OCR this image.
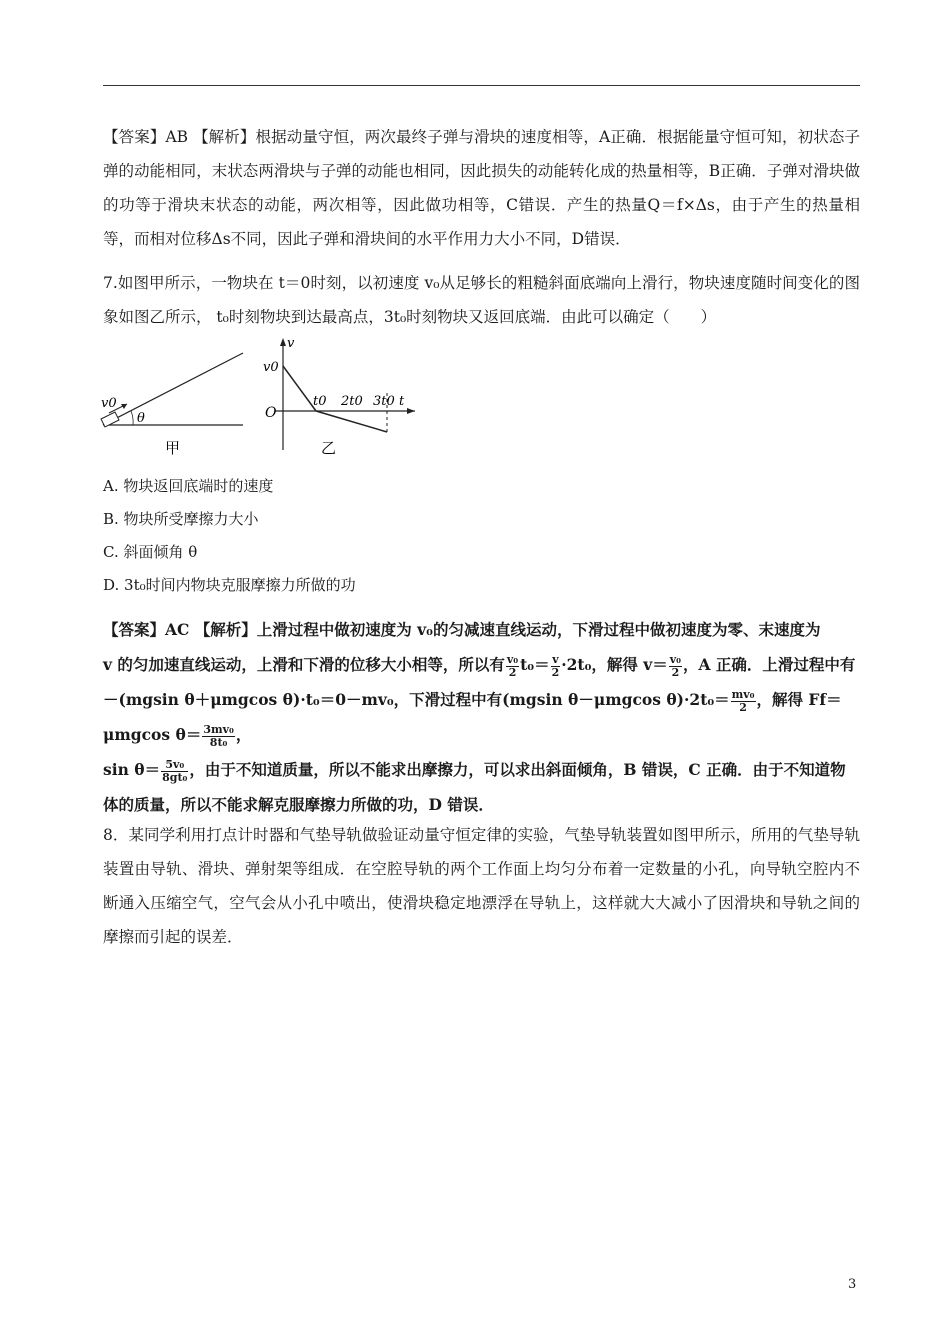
【答案】AB 【解析】根据动量守恒，两次最终子弹与滑块的速度相等，A正确．根据能量守恒可知，初状态子弹的动能相同，末状态两滑块与子弹的动能也相同，因此损失的动能转化成的热量相等，B正确．子弹对滑块做的功等于滑块末状态的动能，两次相等，因此做功相等，C错误．产生的热量Q＝f×Δs，由于产生的热量相等，而相对位移Δs不同，因此子弹和滑块间的水平作用力大小不同，D错误．
7.如图甲所示，一物块在 t＝0时刻，以初速度 v₀从足够长的粗糙斜面底端向上滑行，物块速度随时间变化的图象如图乙所示， t₀时刻物块到达最高点，3t₀时刻物块又返回底端．由此可以确定（　　）
v0
θ
甲
v
v0
O
t0 2t0 3t0 t
乙
A. 物块返回底端时的速度
B. 物块所受摩擦力大小
C. 斜面倾角 θ
D. 3t₀时间内物块克服摩擦力所做的功
【答案】AC 【解析】上滑过程中做初速度为 v₀的匀减速直线运动，下滑过程中做初速度为零、末速度为
v 的匀加速直线运动，上滑和下滑的位移大小相等，所以有 $\frac{\text{v₀}}{2} t_0= \frac{v}{2} \cdot 2t_0$，解得 $v= \frac{\text{v₀}}{2}$ ，A 正确．上滑过程中有
－(mgsin θ＋μmgcos θ)·t₀＝0－mv₀，下滑过程中有(mgsin θ－μmgcos $\theta)\cdot 2t_0= \frac{\text{mv₀}}{2}$ ，解得 Ff＝μmgcos $\theta= \frac{\text{3mv₀}}{\text{8t₀}}$ ，
$\sin \theta= \frac{\text{5v₀}}{\text{8gt₀}}$ ，由于不知道质量，所以不能求出摩擦力，可以求出斜面倾角，B 错误，C 正确．由于不知道物
体的质量，所以不能求解克服摩擦力所做的功，D 错误．
8．某同学利用打点计时器和气垫导轨做验证动量守恒定律的实验，气垫导轨装置如图甲所示，所用的气垫导轨装置由导轨、滑块、弹射架等组成．在空腔导轨的两个工作面上均匀分布着一定数量的小孔，向导轨空腔内不断通入压缩空气，空气会从小孔中喷出，使滑块稳定地漂浮在导轨上，这样就大大减小了因滑块和导轨之间的摩擦而引起的误差．
3
